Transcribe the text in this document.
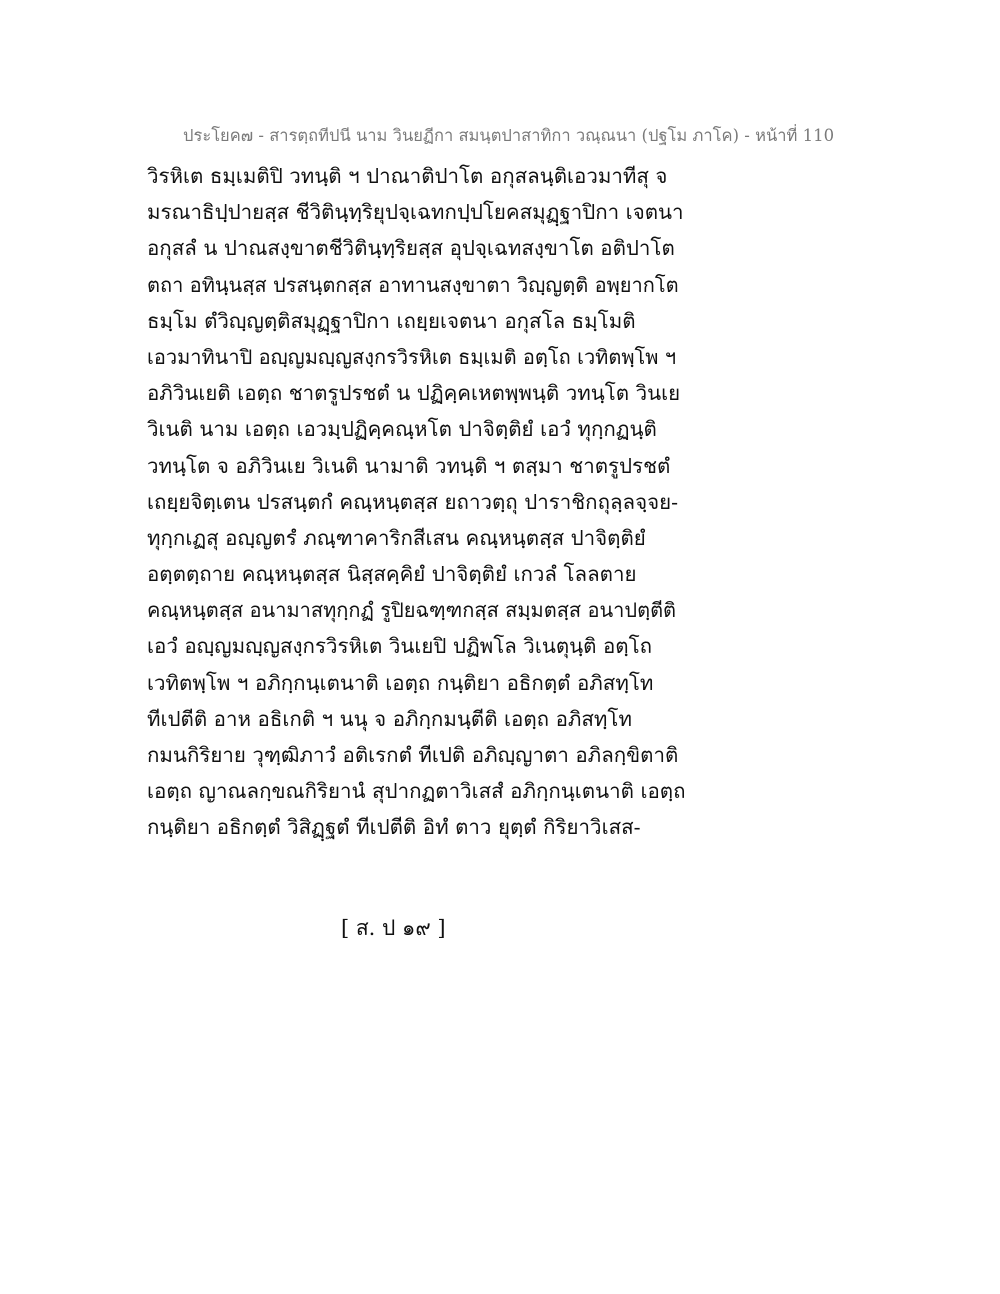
ประโยค๗ - สารตฺถทีปนี นาม วินยฏีกา สมนฺตปาสาทิกา วณฺณนา (ปฐโม ภาโค) - หน้าที่ 110
วิรหิเต ธมฺเมติปิ วทนฺติ ฯ ปาณาติปาโต อกุสลนฺติเอวมาทีสุ จ
มรณาธิปฺปายสฺส ชีวิตินฺทฺริยุปจฺเฉทกปฺปโยคสมุฏฺฐาปิกา เจตนา
อกุสลํ น ปาณสงฺขาตชีวิตินฺทฺริยสฺส อุปจฺเฉทสงฺขาโต อติปาโต
ตถา อทินฺนสฺส ปรสนฺตกสฺส อาทานสงฺขาตา วิญฺญตฺติ อพฺยากโต
ธมฺโม ตํวิญฺญตฺติสมุฏฺฐาปิกา เถยฺยเจตนา อกุสโล ธมฺโมติ
เอวมาทินาปิ อญฺญมญฺญสงฺกรวิรหิเต ธมฺเมติ อตฺโถ เวทิตพฺโพ ฯ
อภิวินเยติ เอตฺถ ชาตรูปรชตํ น ปฏิคฺคเหตพฺพนฺติ วทนฺโต วินเย
วิเนติ นาม เอตฺถ เอวมฺปฏิคฺคณฺหโต ปาจิตฺติยํ เอวํ ทุกฺกฏนฺติ
วทนฺโต จ อภิวินเย วิเนติ นามาติ วทนฺติ ฯ ตสฺมา ชาตรูปรชตํ
เถยฺยจิตฺเตน ปรสนฺตกํ คณฺหนฺตสฺส ยถาวตฺถุ ปาราชิกถุลฺลจฺจย-
ทุกฺกเฏสุ อญฺญตรํ ภณฺฑาคาริกสีเสน คณฺหนฺตสฺส ปาจิตฺติยํ
อตฺตตฺถาย คณฺหนฺตสฺส นิสฺสคฺคิยํ ปาจิตฺติยํ เกวลํ โลลตาย
คณฺหนฺตสฺส อนามาสทุกฺกฏํ รูปิยฉฑฺฑกสฺส สมฺมตสฺส อนาปตฺตีติ
เอวํ อญฺญมญฺญสงฺกรวิรหิเต วินเยปิ ปฏิพโล วิเนตุนฺติ อตฺโถ
เวทิตพฺโพ ฯ อภิกฺกนฺเตนาติ เอตฺถ กนฺติยา อธิกตฺตํ อภิสทฺโท
ทีเปตีติ อาห อธิเกติ ฯ นนุ จ อภิกฺกมนฺตีติ เอตฺถ อภิสทฺโท
กมนกิริยาย วุฑฺฒิภาวํ อติเรกตํ ทีเปติ อภิญฺญาตา อภิลกฺขิตาติ
เอตฺถ ญาณลกฺขณกิริยานํ สุปากฏตาวิเสสํ อภิกฺกนฺเตนาติ เอตฺถ
กนฺติยา อธิกตฺตํ วิสิฏฺฐตํ ทีเปตีติ อิทํ ตาว ยุตฺตํ กิริยาวิเสส-
[ ส. ป ๑๙ ]
